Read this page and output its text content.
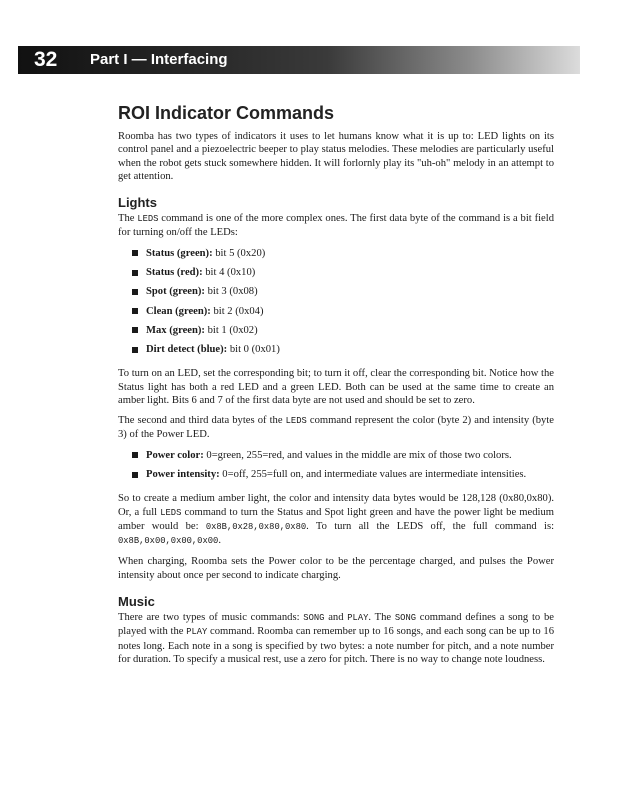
32 Part I — Interfacing
ROI Indicator Commands

Roomba has two types of indicators it uses to let humans know what it is up to: LED lights on its control panel and a piezoelectric beeper to play status melodies. These melodies are particularly useful when the robot gets stuck somewhere hidden. It will forlornly play its "uh-oh" melody in an attempt to get attention.

Lights

The LEDS command is one of the more complex ones. The first data byte of the command is a bit field for turning on/off the LEDs:

Status (green): bit 5 (0x20)
Status (red): bit 4 (0x10)
Spot (green): bit 3 (0x08)
Clean (green): bit 2 (0x04)
Max (green): bit 1 (0x02)
Dirt detect (blue): bit 0 (0x01)

To turn on an LED, set the corresponding bit; to turn it off, clear the corresponding bit. Notice how the Status light has both a red LED and a green LED. Both can be used at the same time to create an amber light. Bits 6 and 7 of the first data byte are not used and should be set to zero.

The second and third data bytes of the LEDS command represent the color (byte 2) and intensity (byte 3) of the Power LED.

Power color: 0=green, 255=red, and values in the middle are mix of those two colors.
Power intensity: 0=off, 255=full on, and intermediate values are intermediate intensities.

So to create a medium amber light, the color and intensity data bytes would be 128,128 (0x80,0x80). Or, a full LEDS command to turn the Status and Spot light green and have the power light be medium amber would be: 0x8B,0x28,0x80,0x80. To turn all the LEDS off, the full command is: 0x8B,0x00,0x00,0x00.

When charging, Roomba sets the Power color to be the percentage charged, and pulses the Power intensity about once per second to indicate charging.

Music

There are two types of music commands: SONG and PLAY. The SONG command defines a song to be played with the PLAY command. Roomba can remember up to 16 songs, and each song can be up to 16 notes long. Each note in a song is specified by two bytes: a note number for pitch, and a note number for duration. To specify a musical rest, use a zero for pitch. There is no way to change note loudness.
